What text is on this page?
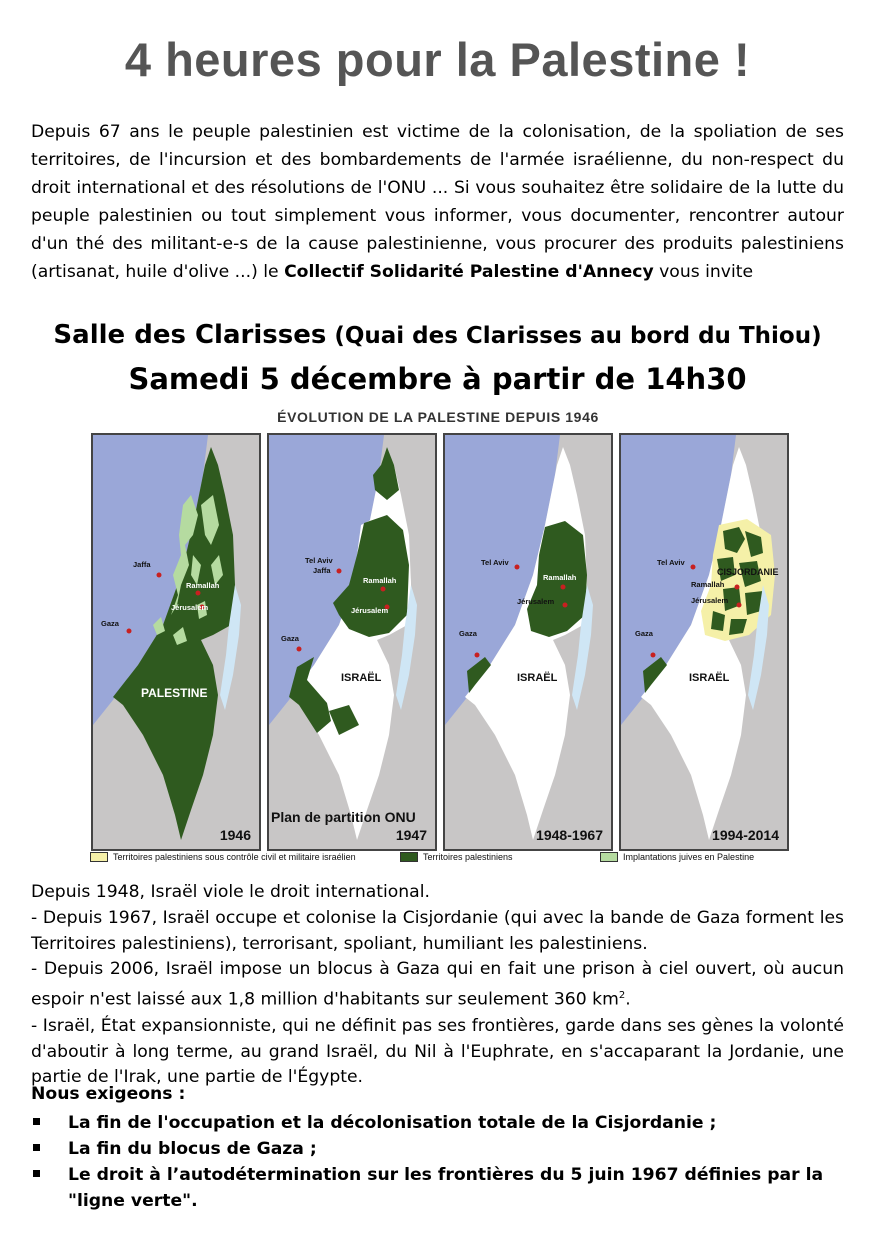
4 heures pour la Palestine !

Depuis 67 ans le peuple palestinien est victime de la colonisation, de la spoliation de ses territoires, de l'incursion et des bombardements de l'armée israélienne, du non-respect du droit international et des résolutions de l'ONU ... Si vous souhaitez être solidaire de la lutte du peuple palestinien ou tout simplement vous informer, vous documenter, rencontrer autour d'un thé des militant-e-s de la cause palestinienne, vous procurer des produits palestiniens (artisanat, huile d'olive ...) le Collectif Solidarité Palestine d'Annecy vous invite

Salle des Clarisses (Quai des Clarisses au bord du Thiou)

Samedi 5 décembre à partir de 14h30

ÉVOLUTION DE LA PALESTINE DEPUIS 1946
Jaffa
Ramallah
Jérusalem
Gaza
PALESTINE
1946
Tel Aviv
Jaffa
Ramallah
Jérusalem
Gaza
ISRAËL
Plan de partition ONU
1947
Tel Aviv
Ramallah
Jérusalem
Gaza
ISRAËL
1948-1967
Tel Aviv
CISJORDANIE
Ramallah
Jérusalem
Gaza
ISRAËL
1994-2014
Territoires palestiniens sous contrôle civil et militaire israélien	Territoires palestiniens	Implantations juives en Palestine
Depuis 1948, Israël viole le droit international.
- Depuis 1967, Israël occupe et colonise la Cisjordanie (qui avec la bande de Gaza forment les Territoires palestiniens), terrorisant, spoliant, humiliant les palestiniens.
- Depuis 2006, Israël impose un blocus à Gaza qui en fait une prison à ciel ouvert, où aucun espoir n'est laissé aux 1,8 million d'habitants sur seulement 360 $km^2$.
- Israël, État expansionniste, qui ne définit pas ses frontières, garde dans ses gènes la volonté d'aboutir à long terme, au grand Israël, du Nil à l'Euphrate, en s'accaparant la Jordanie, une partie de l'Irak, une partie de l'Égypte.

Nous exigeons :

La fin de l'occupation et la décolonisation totale de la Cisjordanie ;
La fin du blocus de Gaza ;
Le droit à l’autodétermination sur les frontières du 5 juin 1967 définies par la "ligne verte".
